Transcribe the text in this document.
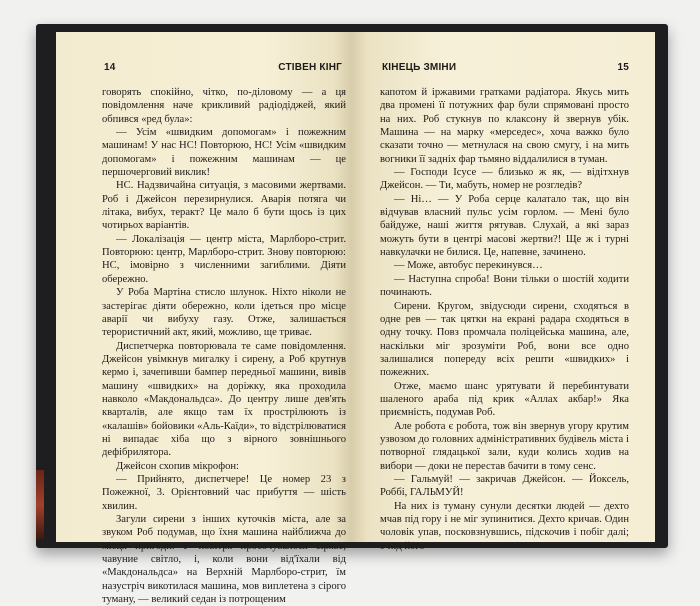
14	СТІВЕН КІНГ

говорять спокійно, чітко, по-діловому — а ця повідомлення наче крикливий радіодіджей, який обпився «ред була»:

— Усім «швидким допомогам» і пожежним машинам! У нас НС! Повторюю, НС! Усім «швидким допомогам» і пожежним машинам — це першочерговий виклик!

НС. Надзвичайна ситуація, з масовими жертвами. Роб і Джейсон перезирнулися. Аварія потяга чи літака, вибух, теракт? Це мало б бути щось із цих чотирьох варіантів.

— Локалізація — центр міста, Марлборо-стрит. Повторюю: центр, Марлборо-стрит. Знову повторюю: НС, імовірно з численними загиблими. Діяти обережно.

У Роба Мартіна стисло шлунок. Ніхто ніколи не застерігає діяти обережно, коли ідеться про місце аварії чи вибуху газу. Отже, залишається терористичний акт, який, можливо, ще триває.

Диспетчерка повторювала те саме повідомлення. Джейсон увімкнув мигалку і сирену, а Роб крутнув кермо і, зачепивши бампер передньої машини, вивів машину «швидких» на доріжку, яка проходила навколо «Макдональдса». До центру лише дев'ять кварталів, але якщо там їх прострілюють із «калашів» бойовики «Аль-Каїди», то відстрілюватися ні випадає хіба що з вірного зовнішнього дефібрилятора.

Джейсон схопив мікрофон:

— Прийнято, диспетчере! Це номер 23 з Пожежної, 3. Орієнтовний час прибуття — шість хвилин.

Загули сирени з інших куточків міста, але за звуком Роб подумав, що їхня машина найближча до місця пригоди. У повітря просочувалося сіряве, чавуние світло, і, коли вони від'їхали від «Макдональдса» на Верхній Марлборо-стрит, їм назустріч викотилася машина, мов виплетена з сірого туману, — великий седан із потрощеним

КІНЕЦЬ ЗМІНИ	15

капотом й іржавими гратками радіатора. Якусь мить два промені її потужних фар були спрямовані просто на них. Роб стукнув по клаксону й звернув убік. Машина — на марку «мерседес», хоча важко було сказати точно — метнулася на свою смугу, і на мить вогники її задніх фар тьмяно віддалилися в туман.

— Господи Ісусе — близько ж як, — відітхнув Джейсон. — Ти, мабуть, номер не розгледів?

— Ні… — У Роба серце калатало так, що він відчував власний пульс усім горлом. — Мені було байдуже, наші життя рятував. Слухай, а які зараз можуть бути в центрі масові жертви?! Ще ж і турні навкулачки не билися. Це, напевне, зачинено.

— Може, автобус перекинувся…

— Наступна спроба! Вони тільки о шостій ходити починають.

Сирени. Кругом, звідусюди сирени, сходяться в одне рев — так цятки на екрані радара сходяться в одну точку. Повз промчала поліцейська машина, але, наскільки міг зрозуміти Роб, вони все одно залишалися попереду всіх решти «швидких» і пожежних.

Отже, маємо шанс урятувати й перебинтувати шаленого араба під крик «Аллах акбар!» Яка приємність, подумав Роб.

Але робота є робота, тож він звернув угору крутим узвозом до головних адміністративних будівель міста і потворної глядацької зали, куди колись ходив на вибори — доки не перестав бачити в тому сенс.

— Гальмуй! — закричав Джейсон. — Йоксель, Роббі, ГАЛЬМУЙ!

На них із туману сунули десятки людей — дехто мчав під гору і не міг зупинитися. Дехто кричав. Один чоловік упав, посковзнувшись, підскочив і побіг далі; з-під його
